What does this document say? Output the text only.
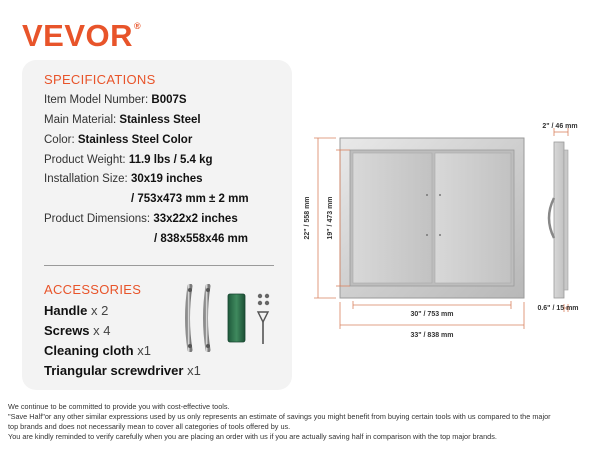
VEVOR®
SPECIFICATIONS
Item Model Number: B007S
Main Material: Stainless Steel
Color: Stainless Steel Color
Product Weight: 11.9 lbs / 5.4 kg
Installation Size: 30x19 inches
/ 753x473 mm ± 2 mm
Product Dimensions: 33x22x2 inches
/ 838x558x46 mm
ACCESSORIES
Handle x 2
Screws x 4
Cleaning cloth x1
Triangular screwdriver x1
22" / 558 mm 19" / 473 mm
30" / 753 mm
33" / 838 mm
2" / 46 mm
0.6" / 15 mm
We continue to be committed to provide you with cost-effective tools.
"Save Half"or any other similar expressions used by us only represents an estimate of savings you might benefit from buying certain tools with us compared to the major
top brands and does not necessarily mean to cover all categories of tools offered by us.
You are kindly reminded to verify carefully when you are placing an order with us if you are actually saving half in comparison with the top major brands.
